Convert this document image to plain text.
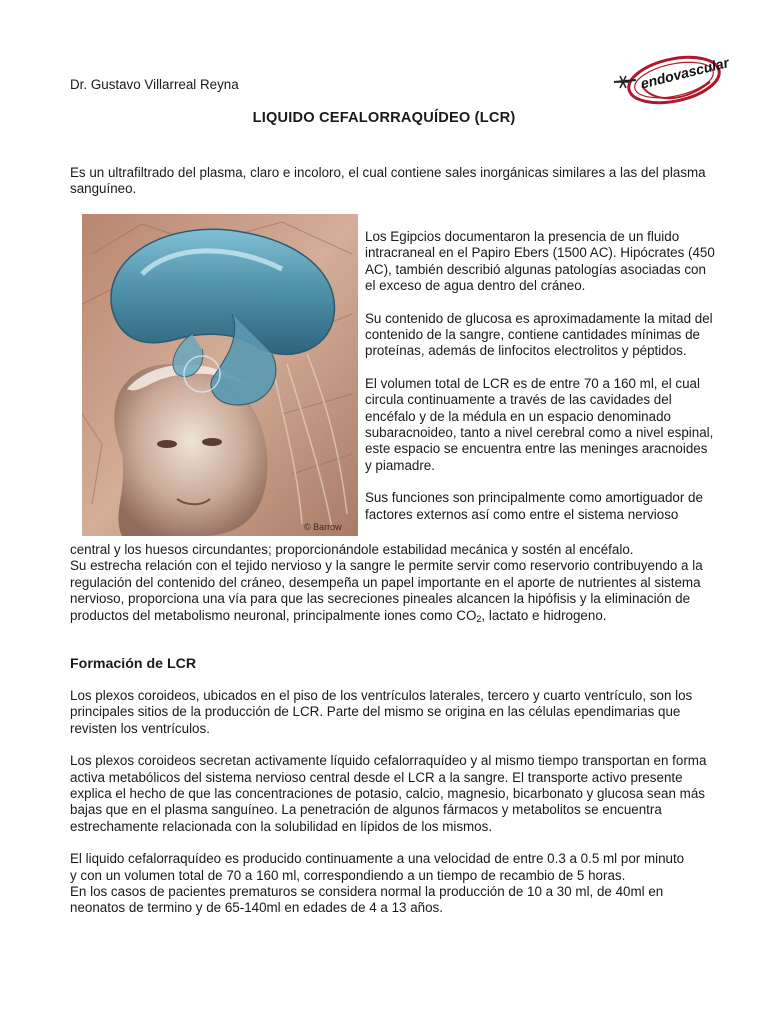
Dr. Gustavo Villarreal Reyna	endovascular
LIQUIDO CEFALORRAQUÍDEO (LCR)
Es un ultrafiltrado del plasma, claro e incoloro, el cual contiene sales inorgánicas similares a las del plasma sanguíneo.
© Barrow

Los Egipcios documentaron la presencia de un fluido intracraneal en el Papiro Ebers (1500 AC). Hipócrates (450 AC), también describió algunas patologías asociadas con el exceso de agua dentro del cráneo.

Su contenido de glucosa es aproximadamente la mitad del contenido de la sangre, contiene cantidades mínimas de proteínas, además de linfocitos electrolitos y péptidos.

El volumen total de LCR es de entre 70 a 160 ml, el cual circula continuamente a través de las cavidades del encéfalo y de la médula en un espacio denominado subaracnoideo, tanto a nivel cerebral como a nivel espinal, este espacio se encuentra entre las meninges aracnoides y piamadre.

Sus funciones son principalmente como amortiguador de factores externos así como entre el sistema nervioso

central y los huesos circundantes; proporcionándole estabilidad mecánica y sostén al encéfalo.
Su estrecha relación con el tejido nervioso y la sangre le permite servir como reservorio contribuyendo a la regulación del contenido del cráneo, desempeña un papel importante en el aporte de nutrientes al sistema nervioso, proporciona una vía para que las secreciones pineales alcancen la hipófisis y la eliminación de productos del metabolismo neuronal, principalmente iones como $CO_2$, lactato e hidrogeno.
Formación de LCR

Los plexos coroideos, ubicados en el piso de los ventrículos laterales, tercero y cuarto ventrículo, son los principales sitios de la producción de LCR. Parte del mismo se origina en las células ependimarias que revisten los ventrículos.

Los plexos coroideos secretan activamente líquido cefalorraquídeo y al mismo tiempo transportan en forma activa metabólicos del sistema nervioso central desde el LCR a la sangre. El transporte activo presente explica el hecho de que las concentraciones de potasio, calcio, magnesio, bicarbonato y glucosa sean más bajas que en el plasma sanguíneo. La penetración de algunos fármacos y metabolitos se encuentra estrechamente relacionada con la solubilidad en lípidos de los mismos.

El liquido cefalorraquídeo es producido continuamente a una velocidad de entre 0.3 a 0.5 ml por minuto
y con un volumen total de 70 a 160 ml, correspondiendo a un tiempo de recambio de 5 horas.
En los casos de pacientes prematuros se considera normal la producción de 10 a 30 ml, de 40ml en neonatos de termino y de 65-140ml en edades de 4 a 13 años.
